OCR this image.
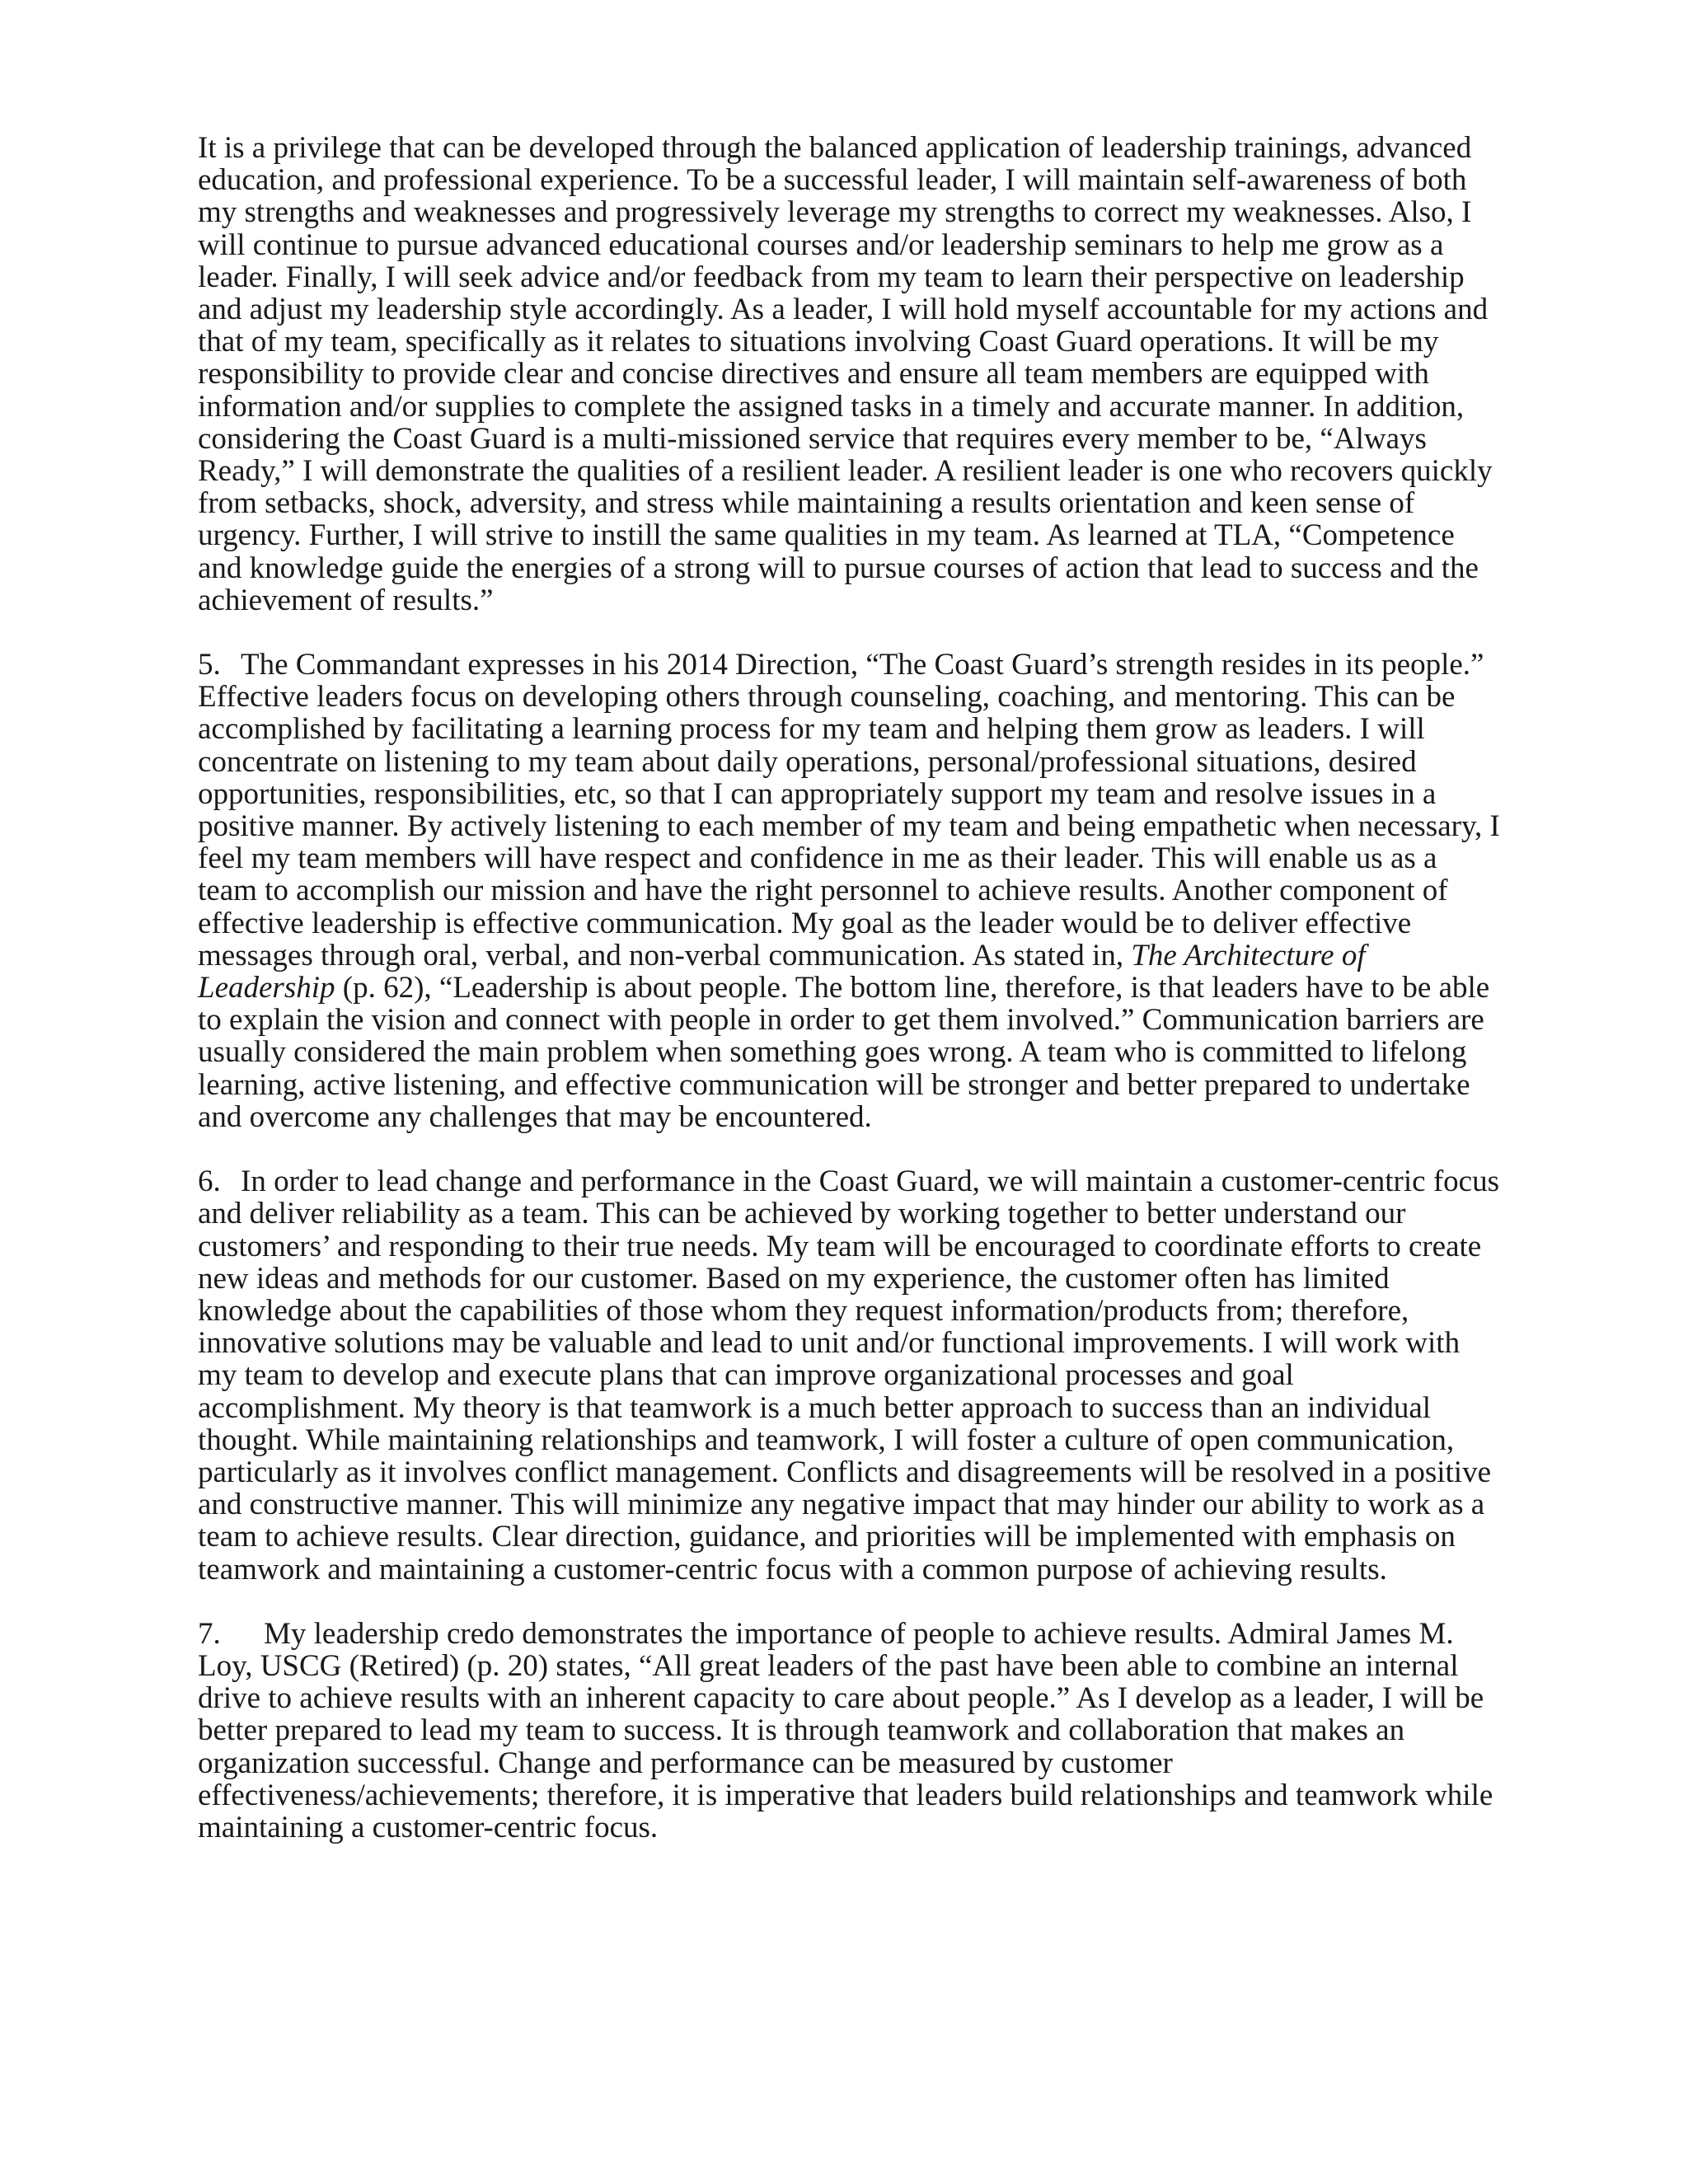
It is a privilege that can be developed through the balanced application of leadership trainings, advanced education, and professional experience. To be a successful leader, I will maintain self-awareness of both my strengths and weaknesses and progressively leverage my strengths to correct my weaknesses. Also, I will continue to pursue advanced educational courses and/or leadership seminars to help me grow as a leader. Finally, I will seek advice and/or feedback from my team to learn their perspective on leadership and adjust my leadership style accordingly. As a leader, I will hold myself accountable for my actions and that of my team, specifically as it relates to situations involving Coast Guard operations. It will be my responsibility to provide clear and concise directives and ensure all team members are equipped with information and/or supplies to complete the assigned tasks in a timely and accurate manner. In addition, considering the Coast Guard is a multi-missioned service that requires every member to be, “Always Ready,” I will demonstrate the qualities of a resilient leader. A resilient leader is one who recovers quickly from setbacks, shock, adversity, and stress while maintaining a results orientation and keen sense of urgency. Further, I will strive to instill the same qualities in my team. As learned at TLA, “Competence and knowledge guide the energies of a strong will to pursue courses of action that lead to success and the achievement of results.”

5. The Commandant expresses in his 2014 Direction, “The Coast Guard’s strength resides in its people.” Effective leaders focus on developing others through counseling, coaching, and mentoring. This can be accomplished by facilitating a learning process for my team and helping them grow as leaders. I will concentrate on listening to my team about daily operations, personal/professional situations, desired opportunities, responsibilities, etc, so that I can appropriately support my team and resolve issues in a positive manner. By actively listening to each member of my team and being empathetic when necessary, I feel my team members will have respect and confidence in me as their leader. This will enable us as a team to accomplish our mission and have the right personnel to achieve results. Another component of effective leadership is effective communication. My goal as the leader would be to deliver effective messages through oral, verbal, and non-verbal communication. As stated in, The Architecture of Leadership (p. 62), “Leadership is about people. The bottom line, therefore, is that leaders have to be able to explain the vision and connect with people in order to get them involved.” Communication barriers are usually considered the main problem when something goes wrong. A team who is committed to lifelong learning, active listening, and effective communication will be stronger and better prepared to undertake and overcome any challenges that may be encountered.

6. In order to lead change and performance in the Coast Guard, we will maintain a customer-centric focus and deliver reliability as a team. This can be achieved by working together to better understand our customers’ and responding to their true needs. My team will be encouraged to coordinate efforts to create new ideas and methods for our customer. Based on my experience, the customer often has limited knowledge about the capabilities of those whom they request information/products from; therefore, innovative solutions may be valuable and lead to unit and/or functional improvements. I will work with my team to develop and execute plans that can improve organizational processes and goal accomplishment. My theory is that teamwork is a much better approach to success than an individual thought. While maintaining relationships and teamwork, I will foster a culture of open communication, particularly as it involves conflict management. Conflicts and disagreements will be resolved in a positive and constructive manner. This will minimize any negative impact that may hinder our ability to work as a team to achieve results. Clear direction, guidance, and priorities will be implemented with emphasis on teamwork and maintaining a customer-centric focus with a common purpose of achieving results.

7. My leadership credo demonstrates the importance of people to achieve results. Admiral James M. Loy, USCG (Retired) (p. 20) states, “All great leaders of the past have been able to combine an internal drive to achieve results with an inherent capacity to care about people.” As I develop as a leader, I will be better prepared to lead my team to success. It is through teamwork and collaboration that makes an organization successful. Change and performance can be measured by customer effectiveness/achievements; therefore, it is imperative that leaders build relationships and teamwork while maintaining a customer-centric focus.
